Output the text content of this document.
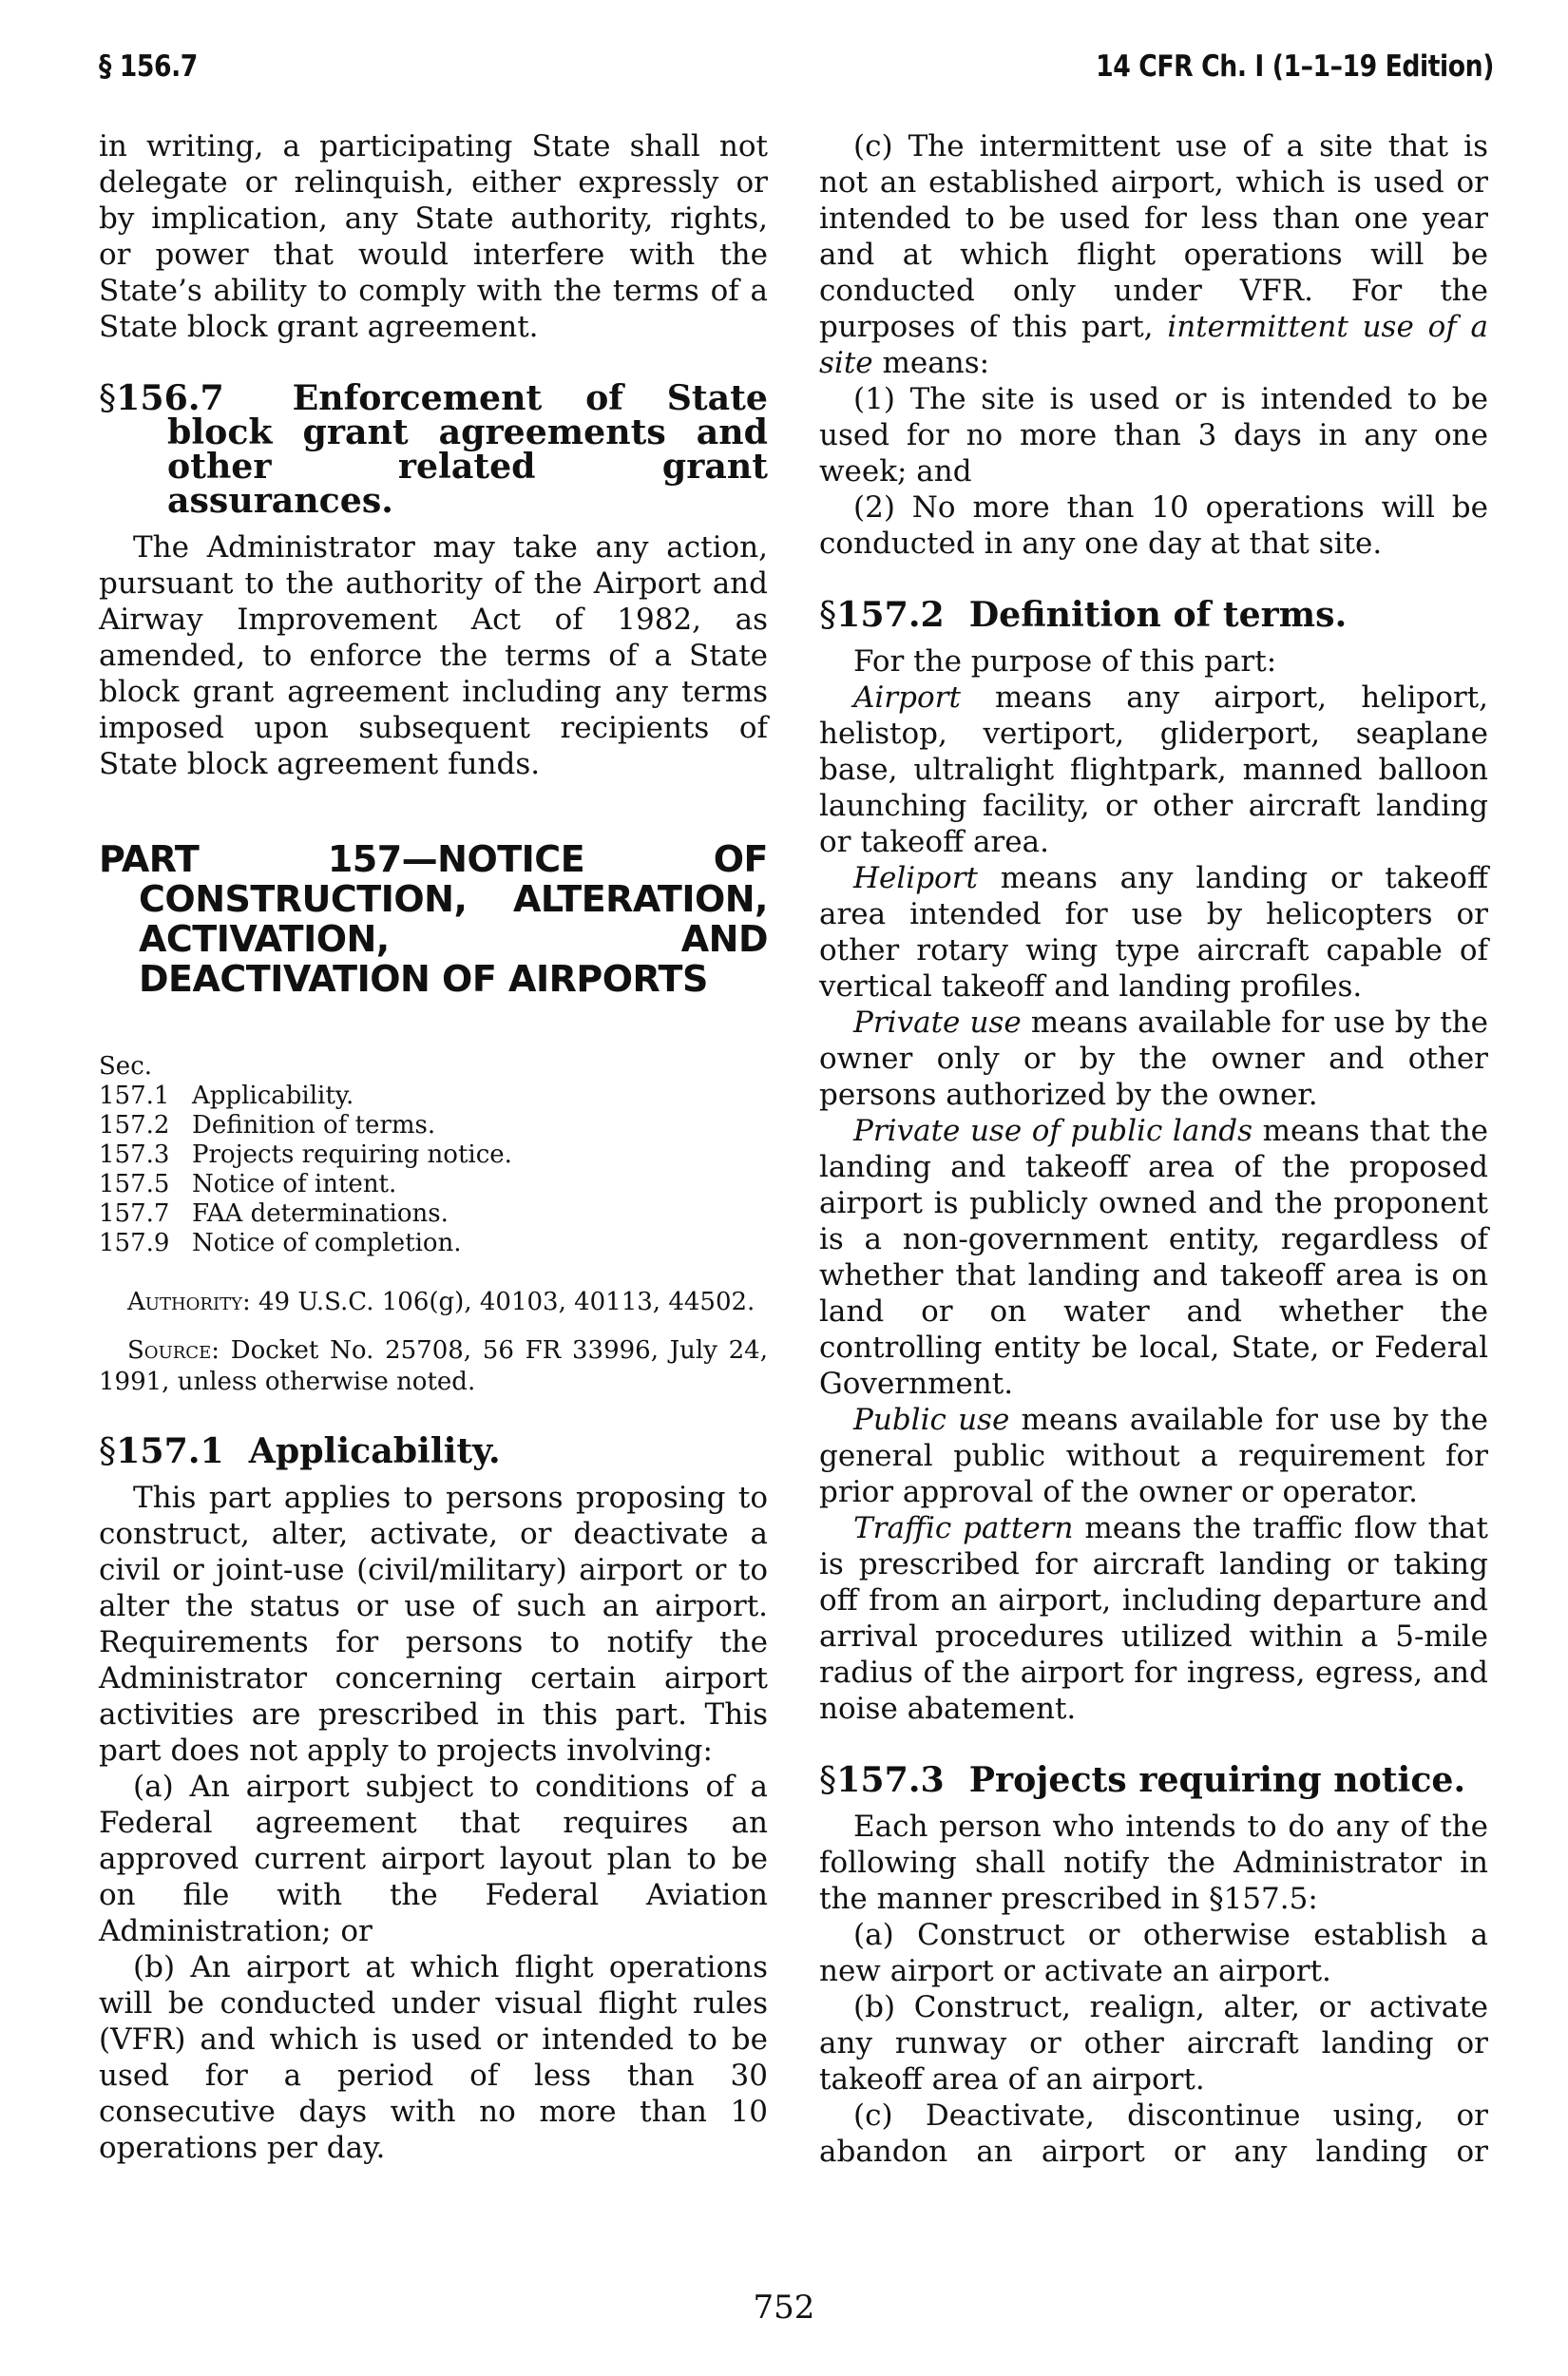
§ 156.7	14 CFR Ch. I (1–1–19 Edition)

in writing, a participating State shall not delegate or relinquish, either expressly or by implication, any State authority, rights, or power that would interfere with the State’s ability to comply with the terms of a State block grant agreement.

§156.7 Enforcement of State block grant agreements and other related grant assurances.

The Administrator may take any action, pursuant to the authority of the Airport and Airway Improvement Act of 1982, as amended, to enforce the terms of a State block grant agreement including any terms imposed upon subsequent recipients of State block agreement funds.

PART 157—NOTICE OF CONSTRUCTION, ALTERATION, ACTIVATION, AND DEACTIVATION OF AIRPORTS
Sec.
157.1 Applicability.
157.2 Definition of terms.
157.3 Projects requiring notice.
157.5 Notice of intent.
157.7 FAA determinations.
157.9 Notice of completion.

Authority: 49 U.S.C. 106(g), 40103, 40113, 44502.

Source: Docket No. 25708, 56 FR 33996, July 24, 1991, unless otherwise noted.

§157.1 Applicability.

This part applies to persons proposing to construct, alter, activate, or deactivate a civil or joint-use (civil/military) airport or to alter the status or use of such an airport. Requirements for persons to notify the Administrator concerning certain airport activities are prescribed in this part. This part does not apply to projects involving:

(a) An airport subject to conditions of a Federal agreement that requires an approved current airport layout plan to be on file with the Federal Aviation Administration; or

(b) An airport at which flight operations will be conducted under visual flight rules (VFR) and which is used or intended to be used for a period of less than 30 consecutive days with no more than 10 operations per day.

(c) The intermittent use of a site that is not an established airport, which is used or intended to be used for less than one year and at which flight operations will be conducted only under VFR. For the purposes of this part, intermittent use of a site means:

(1) The site is used or is intended to be used for no more than 3 days in any one week; and

(2) No more than 10 operations will be conducted in any one day at that site.

§157.2 Definition of terms.

For the purpose of this part:

Airport means any airport, heliport, helistop, vertiport, gliderport, seaplane base, ultralight flightpark, manned balloon launching facility, or other aircraft landing or takeoff area.

Heliport means any landing or takeoff area intended for use by helicopters or other rotary wing type aircraft capable of vertical takeoff and landing profiles.

Private use means available for use by the owner only or by the owner and other persons authorized by the owner.

Private use of public lands means that the landing and takeoff area of the proposed airport is publicly owned and the proponent is a non-government entity, regardless of whether that landing and takeoff area is on land or on water and whether the controlling entity be local, State, or Federal Government.

Public use means available for use by the general public without a requirement for prior approval of the owner or operator.

Traffic pattern means the traffic flow that is prescribed for aircraft landing or taking off from an airport, including departure and arrival procedures utilized within a 5-mile radius of the airport for ingress, egress, and noise abatement.

§157.3 Projects requiring notice.

Each person who intends to do any of the following shall notify the Administrator in the manner prescribed in §157.5:

(a) Construct or otherwise establish a new airport or activate an airport.

(b) Construct, realign, alter, or activate any runway or other aircraft landing or takeoff area of an airport.

(c) Deactivate, discontinue using, or abandon an airport or any landing or

752
